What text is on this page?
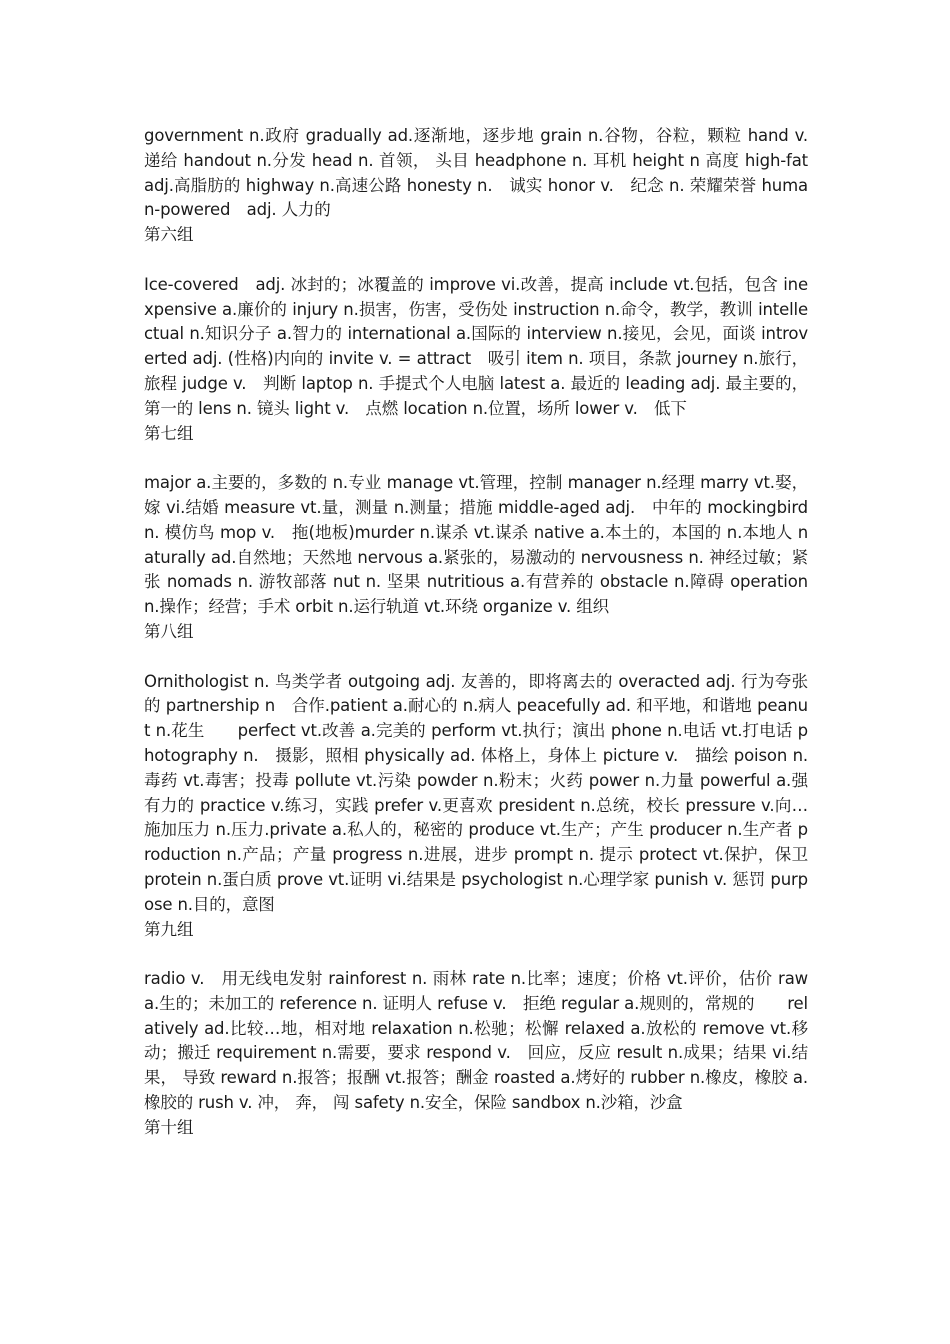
government n.政府 gradually ad.逐渐地，逐步地 grain n.谷物，谷粒，颗粒 hand v.　递给 handout n.分发 head n. 首领， 头目 headphone n. 耳机 height n 高度 high-fat adj.高脂肪的 highway n.高速公路 honesty n.　诚实 honor v.　纪念 n. 荣耀荣誉 human-powered　adj. 人力的

第六组

Ice-covered　adj. 冰封的；冰覆盖的 improve vi.改善，提高 include vt.包括，包含 inexpensive a.廉价的 injury n.损害，伤害，受伤处 instruction n.命令，教学，教训 intellectual n.知识分子 a.智力的 international a.国际的 interview n.接见，会见，面谈 introverted adj. (性格)内向的 invite v. = attract　吸引 item n. 项目，条款 journey n.旅行，旅程 judge v.　判断 laptop n. 手提式个人电脑 latest a. 最近的 leading adj. 最主要的，第一的 lens n. 镜头 light v.　点燃 location n.位置，场所 lower v.　低下

第七组

major a.主要的，多数的 n.专业 manage vt.管理，控制 manager n.经理 marry vt.娶，嫁 vi.结婚 measure vt.量，测量 n.测量；措施 middle-aged adj.　中年的 mockingbird n. 模仿鸟 mop v.　拖(地板)murder n.谋杀 vt.谋杀 native a.本土的，本国的 n.本地人 naturally ad.自然地；天然地 nervous a.紧张的，易激动的 nervousness n. 神经过敏；紧张 nomads n. 游牧部落 nut n. 坚果 nutritious a.有营养的 obstacle n.障碍 operation n.操作；经营；手术 orbit n.运行轨道 vt.环绕 organize v. 组织

第八组

Ornithologist n. 鸟类学者 outgoing adj. 友善的，即将离去的 overacted adj. 行为夸张的 partnership n　合作.patient a.耐心的 n.病人 peacefully ad. 和平地，和谐地 peanut n.花生　　perfect vt.改善 a.完美的 perform vt.执行；演出 phone n.电话 vt.打电话 photography n.　摄影，照相 physically ad. 体格上，身体上 picture v.　描绘 poison n.毒药 vt.毒害；投毒 pollute vt.污染 powder n.粉末；火药 power n.力量 powerful a.强有力的 practice v.练习，实践 prefer v.更喜欢 president n.总统，校长 pressure v.向…施加压力 n.压力.private a.私人的，秘密的 produce vt.生产；产生 producer n.生产者 production n.产品；产量 progress n.进展，进步 prompt n. 提示 protect vt.保护，保卫 protein n.蛋白质 prove vt.证明 vi.结果是 psychologist n.心理学家 punish v. 惩罚 purpose n.目的，意图

第九组

radio v.　用无线电发射 rainforest n. 雨林 rate n.比率；速度；价格 vt.评价，估价 raw a.生的；未加工的 reference n. 证明人 refuse v.　拒绝 regular a.规则的，常规的　　relatively ad.比较…地，相对地 relaxation n.松驰；松懈 relaxed a.放松的 remove vt.移动；搬迁 requirement n.需要，要求 respond v.　回应，反应 result n.成果；结果 vi.结果， 导致 reward n.报答；报酬 vt.报答；酬金 roasted a.烤好的 rubber n.橡皮，橡胶 a.橡胶的 rush v. 冲， 奔， 闯 safety n.安全，保险 sandbox n.沙箱，沙盒

第十组
